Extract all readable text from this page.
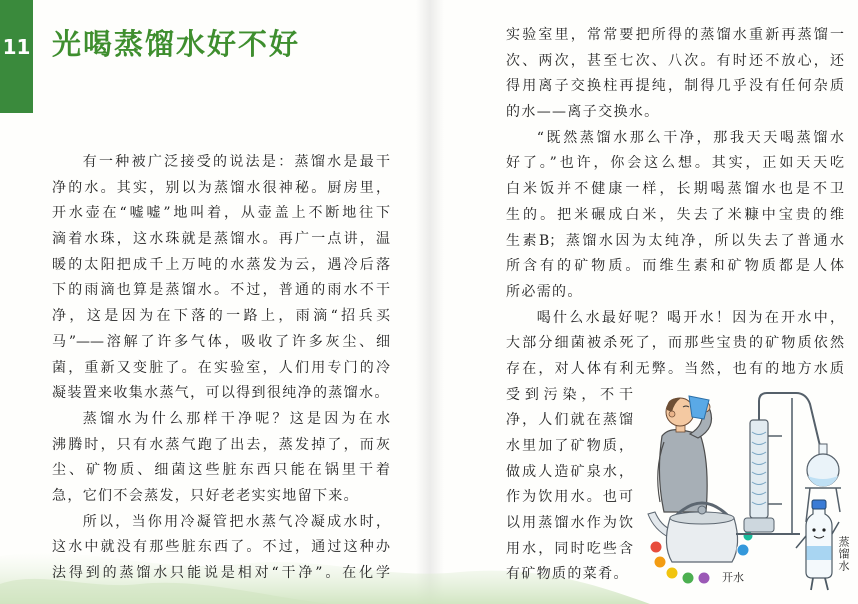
11 光喝蒸馏水好不好
有一种被广泛接受的说法是：蒸馏水是最干
净的水。其实，别以为蒸馏水很神秘。厨房里，
开水壶在“嘘嘘”地叫着，从壶盖上不断地往下
滴着水珠，这水珠就是蒸馏水。再广一点讲，温
暖的太阳把成千上万吨的水蒸发为云，遇冷后落
下的雨滴也算是蒸馏水。不过，普通的雨水不干
净，这是因为在下落的一路上，雨滴“招兵买
马”——溶解了许多气体，吸收了许多灰尘、细
菌，重新又变脏了。在实验室，人们用专门的冷
凝装置来收集水蒸气，可以得到很纯净的蒸馏水。
蒸馏水为什么那样干净呢？这是因为在水
沸腾时，只有水蒸气跑了出去，蒸发掉了，而灰
尘、矿物质、细菌这些脏东西只能在锅里干着
急，它们不会蒸发，只好老老实实地留下来。
所以，当你用冷凝管把水蒸气冷凝成水时，
这水中就没有那些脏东西了。不过，通过这种办
法得到的蒸馏水只能说是相对“干净”。在化学
实验室里，常常要把所得的蒸馏水重新再蒸馏一
次、两次，甚至七次、八次。有时还不放心，还
得用离子交换柱再提纯，制得几乎没有任何杂质
的水——离子交换水。
“既然蒸馏水那么干净，那我天天喝蒸馏水
好了。”也许，你会这么想。其实，正如天天吃
白米饭并不健康一样，长期喝蒸馏水也是不卫
生的。把米碾成白米，失去了米糠中宝贵的维
生素B；蒸馏水因为太纯净，所以失去了普通水
所含有的矿物质。而维生素和矿物质都是人体
所必需的。
喝什么水最好呢？喝开水！因为在开水中，
大部分细菌被杀死了，而那些宝贵的矿物质依然
存在，对人体有利无弊。当然，也有的地方水质
受到污染，不干
净，人们就在蒸馏
水里加了矿物质，
做成人造矿泉水，
作为饮用水。也可
以用蒸馏水作为饮
用水，同时吃些含
有矿物质的菜肴。	开水
蒸馏水
